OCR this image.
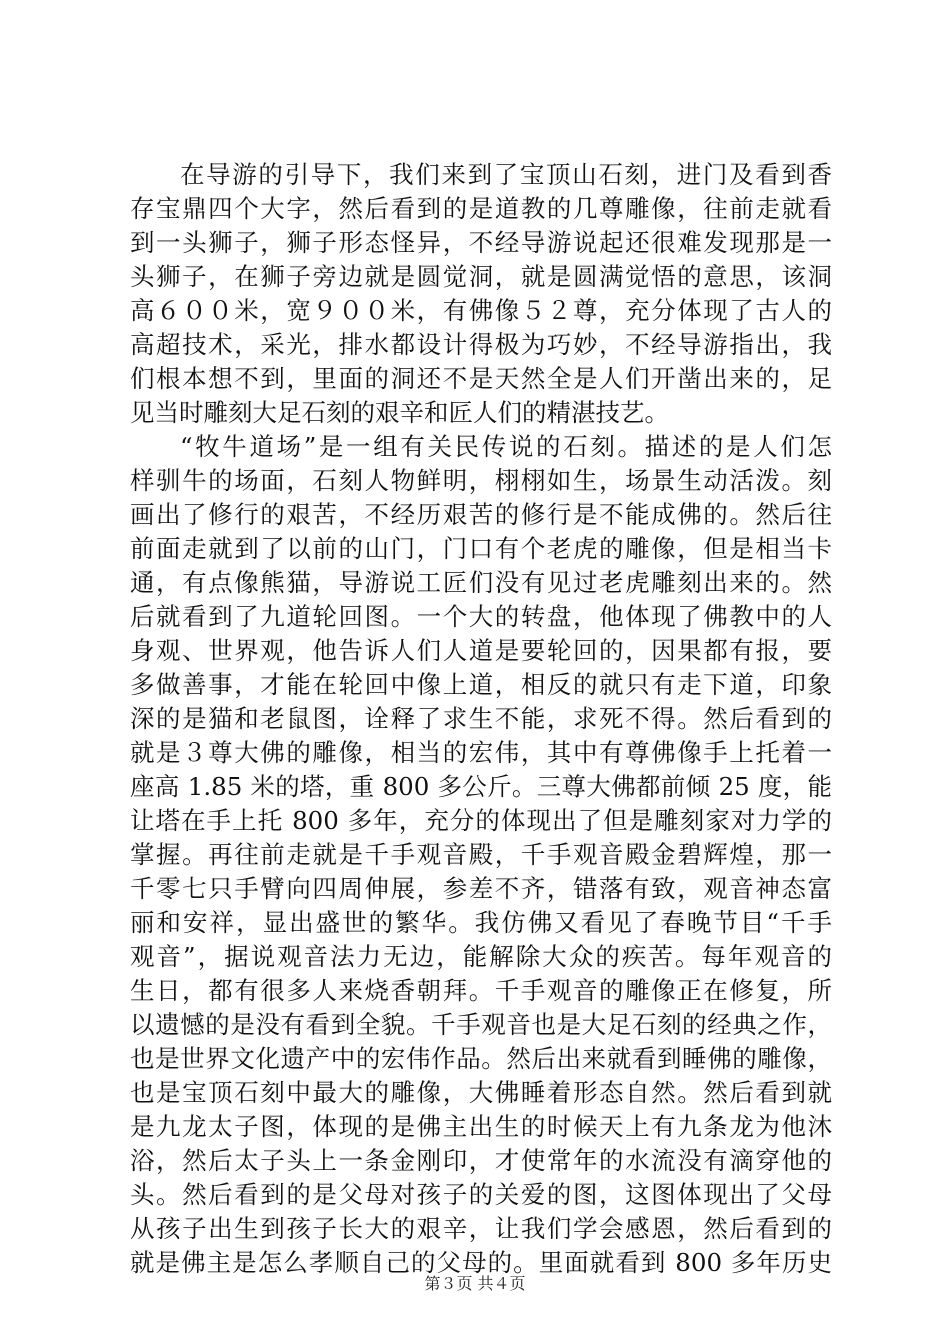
在导游的引导下，我们来到了宝顶山石刻，进门及看到香
存宝鼎四个大字，然后看到的是道教的几尊雕像，往前走就看
到一头狮子，狮子形态怪异，不经导游说起还很难发现那是一
头狮子，在狮子旁边就是圆觉洞，就是圆满觉悟的意思，该洞
高６００米，宽９００米，有佛像５２尊，充分体现了古人的
高超技术，采光，排水都设计得极为巧妙，不经导游指出，我
们根本想不到，里面的洞还不是天然全是人们开凿出来的，足
见当时雕刻大足石刻的艰辛和匠人们的精湛技艺。
“牧牛道场”是一组有关民传说的石刻。描述的是人们怎
样驯牛的场面，石刻人物鲜明，栩栩如生，场景生动活泼。刻
画出了修行的艰苦，不经历艰苦的修行是不能成佛的。然后往
前面走就到了以前的山门，门口有个老虎的雕像，但是相当卡
通，有点像熊猫，导游说工匠们没有见过老虎雕刻出来的。然
后就看到了九道轮回图。一个大的转盘，他体现了佛教中的人
身观、世界观，他告诉人们人道是要轮回的，因果都有报，要
多做善事，才能在轮回中像上道，相反的就只有走下道，印象
深的是猫和老鼠图，诠释了求生不能，求死不得。然后看到的
就是３尊大佛的雕像，相当的宏伟，其中有尊佛像手上托着一
座高 1.85 米的塔，重 800 多公斤。三尊大佛都前倾 25 度，能
让塔在手上托 800 多年，充分的体现出了但是雕刻家对力学的
掌握。再往前走就是千手观音殿，千手观音殿金碧辉煌，那一
千零七只手臂向四周伸展，参差不齐，错落有致，观音神态富
丽和安祥，显出盛世的繁华。我仿佛又看见了春晚节目“千手
观音”，据说观音法力无边，能解除大众的疾苦。每年观音的
生日，都有很多人来烧香朝拜。千手观音的雕像正在修复，所
以遗憾的是没有看到全貌。千手观音也是大足石刻的经典之作，
也是世界文化遗产中的宏伟作品。然后出来就看到睡佛的雕像，
也是宝顶石刻中最大的雕像，大佛睡着形态自然。然后看到就
是九龙太子图，体现的是佛主出生的时候天上有九条龙为他沐
浴，然后太子头上一条金刚印，才使常年的水流没有滴穿他的
头。然后看到的是父母对孩子的关爱的图，这图体现出了父母
从孩子出生到孩子长大的艰辛，让我们学会感恩，然后看到的
就是佛主是怎么孝顺自己的父母的。里面就看到 800 多年历史
第３页 共４页
